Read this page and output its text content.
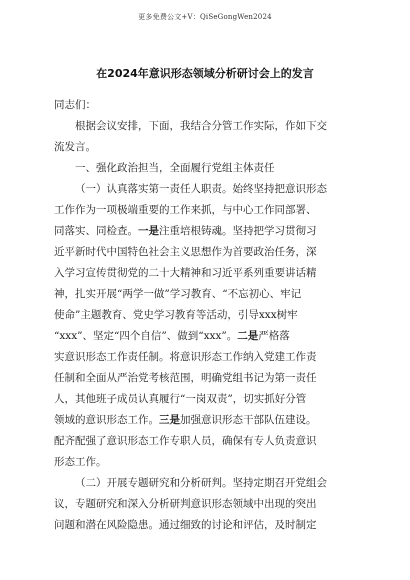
更多免费公文+V：QiSeGongWen2024
在2024年意识形态领域分析研讨会上的发言

同志们：

根据会议安排，下面，我结合分管工作实际，作如下交
流发言。

一、强化政治担当，全面履行党组主体责任

（一）认真落实第一责任人职责。始终坚持把意识形态
工作作为一项极端重要的工作来抓，与中心工作同部署、
同落实、同检查。一是注重培根铸魂。坚持把学习贯彻习
近平新时代中国特色社会主义思想作为首要政治任务，深
入学习宣传贯彻党的二十大精神和习近平系列重要讲话精
神，扎实开展“两学一做”学习教育、“不忘初心、牢记
使命”主题教育、党史学习教育等活动，引导xxx树牢
“xxx”、坚定“四个自信”、做到“xxx”。二是严格落
实意识形态工作责任制。将意识形态工作纳入党建工作责
任制和全面从严治党考核范围，明确党组书记为第一责任
人，其他班子成员认真履行“一岗双责”，切实抓好分管
领域的意识形态工作。三是加强意识形态干部队伍建设。
配齐配强了意识形态工作专职人员，确保有专人负责意识
形态工作。

（二）开展专题研究和分析研判。坚持定期召开党组会
议，专题研究和深入分析研判意识形态领域中出现的突出
问题和潜在风险隐患。通过细致的讨论和评估，及时制定
